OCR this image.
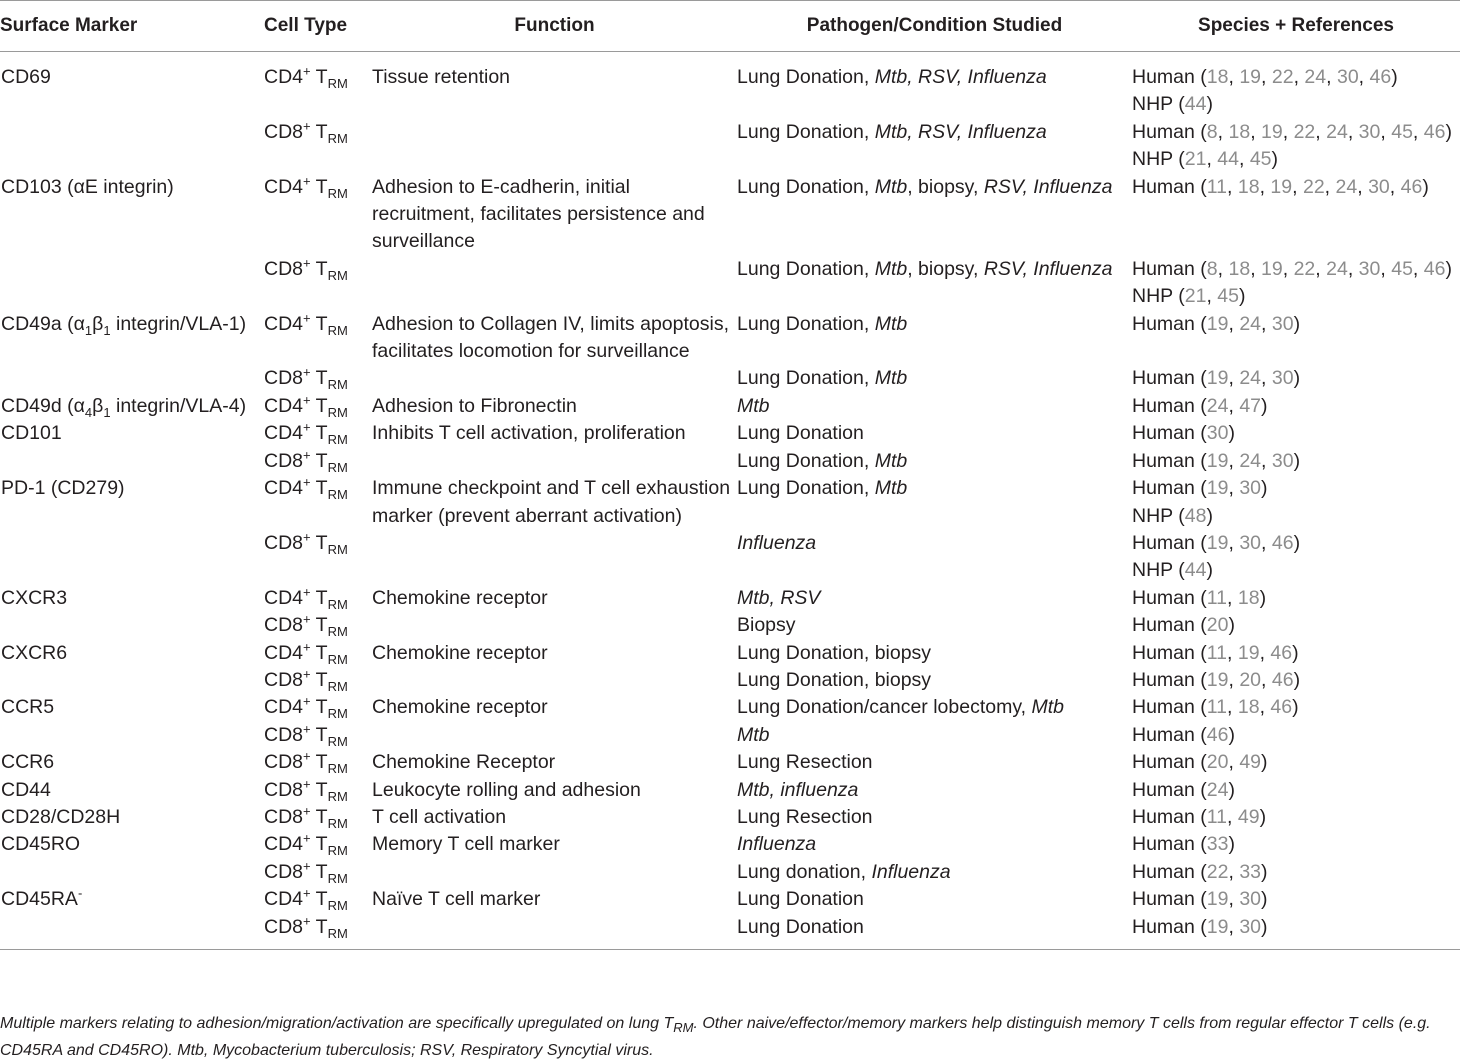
Surface Marker	Cell Type	Function	Pathogen/Condition Studied	Species + References
CD69	CD4+ $T_{RM}$	Tissue retention	Lung Donation, Mtb, RSV, Influenza	Human (18, 19, 22, 24, 30, 46)
NHP (44)

	CD8+ $T_{RM}$		Lung Donation, Mtb, RSV, Influenza	Human (8, 18, 19, 22, 24, 30, 45, 46)
NHP (21, 44, 45)

CD103 (αE integrin)	CD4+ $T_{RM}$	Adhesion to E-cadherin, initial recruitment, facilitates persistence and surveillance	Lung Donation, Mtb, biopsy, RSV, Influenza	Human (11, 18, 19, 22, 24, 30, 46)

	CD8+ $T_{RM}$		Lung Donation, Mtb, biopsy, RSV, Influenza	Human (8, 18, 19, 22, 24, 30, 45, 46)
NHP (21, 45)

CD49a ($\alpha_1\beta_1$ integrin/VLA-1)	CD4+ $T_{RM}$	Adhesion to Collagen IV, limits apoptosis, facilitates locomotion for surveillance	Lung Donation, Mtb	Human (19, 24, 30)

	CD8+ $T_{RM}$		Lung Donation, Mtb	Human (19, 24, 30)

CD49d ($\alpha_4\beta_1$ integrin/VLA-4)	CD4+ $T_{RM}$	Adhesion to Fibronectin	Mtb	Human (24, 47)

CD101	CD4+ $T_{RM}$	Inhibits T cell activation, proliferation	Lung Donation	Human (30)

	CD8+ $T_{RM}$		Lung Donation, Mtb	Human (19, 24, 30)

PD-1 (CD279)	CD4+ $T_{RM}$	Immune checkpoint and T cell exhaustion marker (prevent aberrant activation)	Lung Donation, Mtb	Human (19, 30)
NHP (48)

	CD8+ $T_{RM}$		Influenza	Human (19, 30, 46)
NHP (44)

CXCR3	CD4+ $T_{RM}$	Chemokine receptor	Mtb, RSV	Human (11, 18)

	CD8+ $T_{RM}$		Biopsy	Human (20)

CXCR6	CD4+ $T_{RM}$	Chemokine receptor	Lung Donation, biopsy	Human (11, 19, 46)

	CD8+ $T_{RM}$		Lung Donation, biopsy	Human (19, 20, 46)

CCR5	CD4+ $T_{RM}$	Chemokine receptor	Lung Donation/cancer lobectomy, Mtb	Human (11, 18, 46)

	CD8+ $T_{RM}$		Mtb	Human (46)

CCR6	CD8+ $T_{RM}$	Chemokine Receptor	Lung Resection	Human (20, 49)

CD44	CD8+ $T_{RM}$	Leukocyte rolling and adhesion	Mtb, influenza	Human (24)

CD28/CD28H	CD8+ $T_{RM}$	T cell activation	Lung Resection	Human (11, 49)

CD45RO	CD4+ $T_{RM}$	Memory T cell marker	Influenza	Human (33)

	CD8+ $T_{RM}$		Lung donation, Influenza	Human (22, 33)

CD45RA-	CD4+ $T_{RM}$	Naïve T cell marker	Lung Donation	Human (19, 30)

	CD8+ $T_{RM}$		Lung Donation	Human (19, 30)
Multiple markers relating to adhesion/migration/activation are specifically upregulated on lung $T_{RM}$. Other naive/effector/memory markers help distinguish memory T cells from regular effector T cells (e.g. CD45RA and CD45RO). Mtb, Mycobacterium tuberculosis; RSV, Respiratory Syncytial virus.
